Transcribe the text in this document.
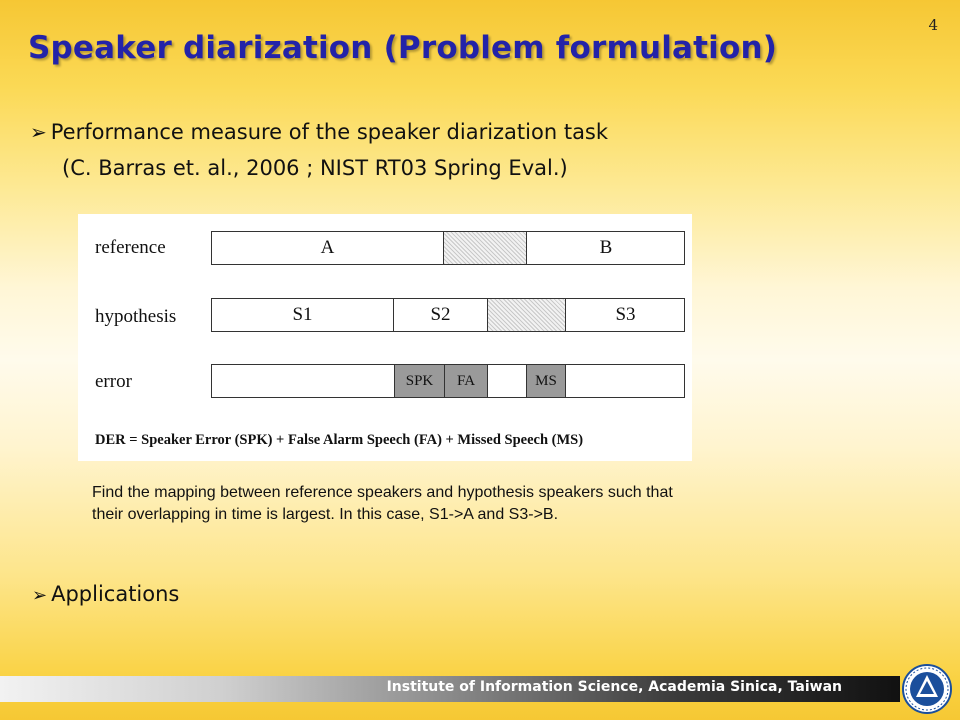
4
Speaker diarization (Problem formulation)
➢ Performance measure of the speaker diarization task
(C. Barras et. al., 2006 ; NIST RT03 Spring Eval.)
reference
hypothesis
error
A	B
S1	S2	S3
SPK	FA	MS
DER = Speaker Error (SPK) + False Alarm Speech (FA) + Missed Speech (MS)

Find the mapping between reference speakers and hypothesis speakers such that

their overlapping in time is largest. In this case, S1->A and S3->B.

➢ Applications
Institute of Information Science, Academia Sinica, Taiwan
